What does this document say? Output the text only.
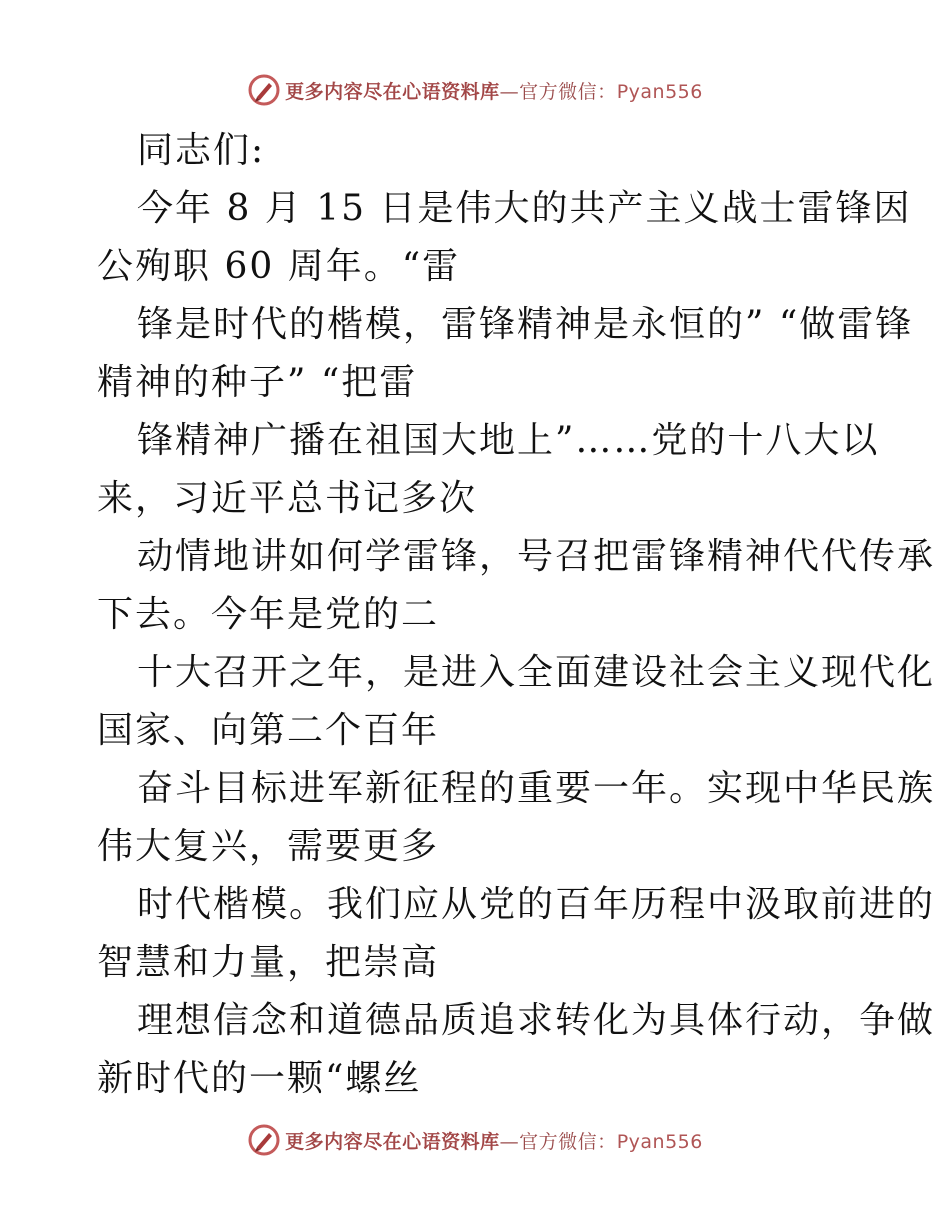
更多内容尽在心语资料库—官方微信：Pyan556
同志们:
今年 8 月 15 日是伟大的共产主义战士雷锋因
公殉职 60 周年。“雷
锋是时代的楷模，雷锋精神是永恒的” “做雷锋
精神的种子” “把雷
锋精神广播在祖国大地上”……党的十八大以
来，习近平总书记多次
动情地讲如何学雷锋，号召把雷锋精神代代传承
下去。今年是党的二
十大召开之年，是进入全面建设社会主义现代化
国家、向第二个百年
奋斗目标进军新征程的重要一年。实现中华民族
伟大复兴，需要更多
时代楷模。我们应从党的百年历程中汲取前进的
智慧和力量，把崇高
理想信念和道德品质追求转化为具体行动，争做
新时代的一颗“螺丝
更多内容尽在心语资料库—官方微信：Pyan556
